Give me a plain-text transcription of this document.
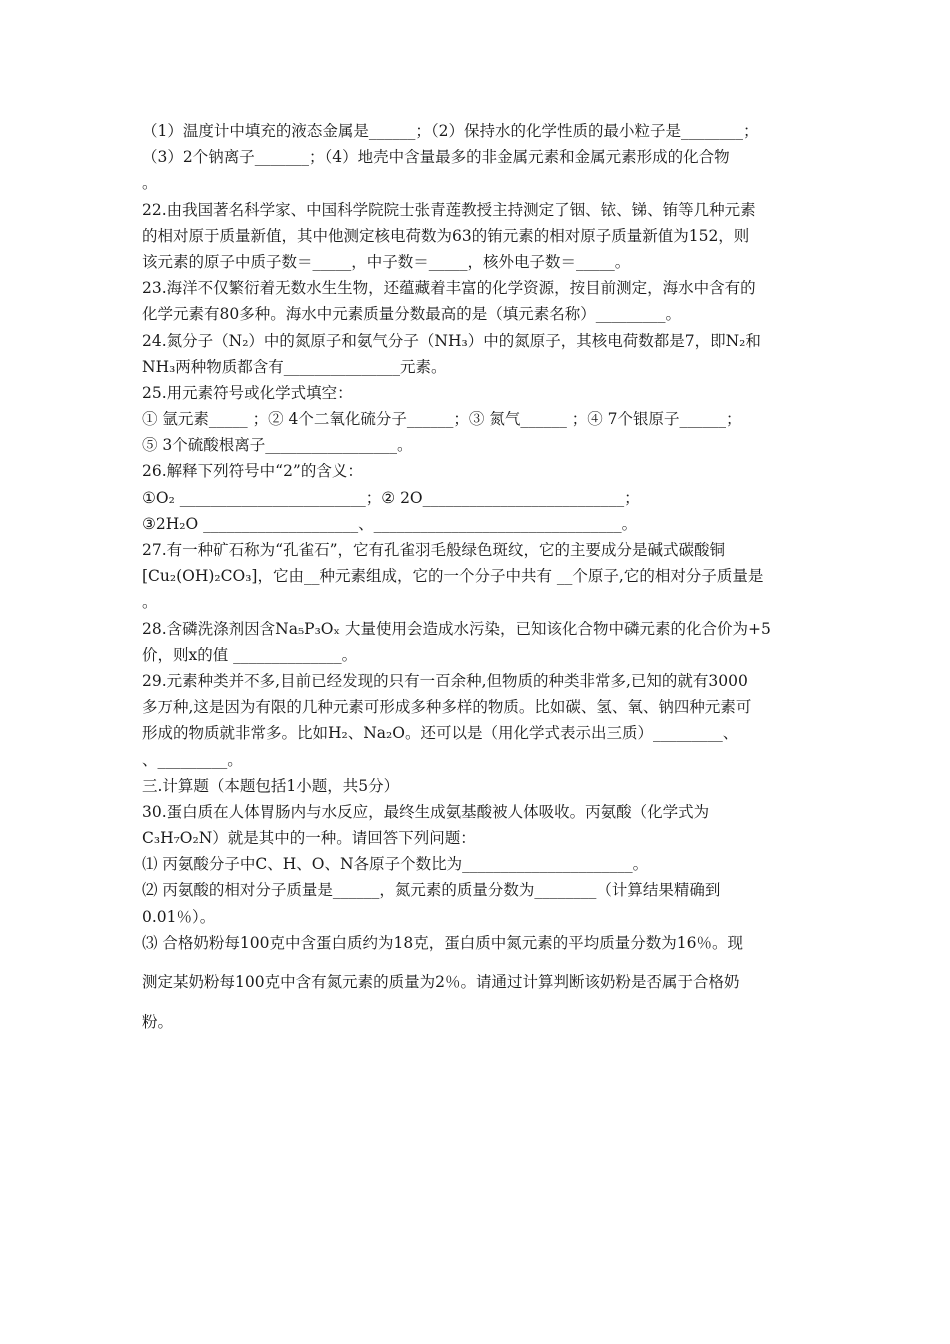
（1）温度计中填充的液态金属是______；（2）保持水的化学性质的最小粒子是________；
（3）2个钠离子_______；（4）地壳中含量最多的非金属元素和金属元素形成的化合物
。
22.由我国著名科学家、中国科学院院士张青莲教授主持测定了铟、铱、锑、铕等几种元素
的相对原于质量新值，其中他测定核电荷数为63的铕元素的相对原子质量新值为152，则
该元素的原子中质子数＝_____，中子数＝_____，核外电子数＝_____。
23.海洋不仅繁衍着无数水生生物，还蕴藏着丰富的化学资源，按目前测定，海水中含有的
化学元素有80多种。海水中元素质量分数最高的是（填元素名称）_________。
24.氮分子（N₂）中的氮原子和氨气分子（NH₃）中的氮原子，其核电荷数都是7，即N₂和
NH₃两种物质都含有_______________元素。
25.用元素符号或化学式填空：
① 氩元素_____ ；② 4个二氧化硫分子______；③ 氮气______ ；④ 7个银原子______；
⑤ 3个硫酸根离子_________________。
26.解释下列符号中“2”的含义：
①O₂ ________________________；② 2O__________________________；
③2H₂O ____________________、________________________________。
27.有一种矿石称为“孔雀石”，它有孔雀羽毛般绿色斑纹，它的主要成分是碱式碳酸铜
[Cu₂(OH)₂CO₃]，它由__种元素组成，它的一个分子中共有 __个原子,它的相对分子质量是
。
28.含磷洗涤剂因含Na₅P₃Oₓ 大量使用会造成水污染，已知该化合物中磷元素的化合价为+5
价，则x的值 ______________。
29.元素种类并不多,目前已经发现的只有一百余种,但物质的种类非常多,已知的就有3000
多万种,这是因为有限的几种元素可形成多种多样的物质。比如碳、氢、氧、钠四种元素可
形成的物质就非常多。比如H₂、Na₂O。还可以是（用化学式表示出三质）_________、
、_________。
三.计算题（本题包括1小题，共5分）
30.蛋白质在人体胃肠内与水反应，最终生成氨基酸被人体吸收。丙氨酸（化学式为
C₃H₇O₂N）就是其中的一种。请回答下列问题：
⑴ 丙氨酸分子中C、H、O、N各原子个数比为______________________。
⑵ 丙氨酸的相对分子质量是______，氮元素的质量分数为________（计算结果精确到
0.01％）。
⑶ 合格奶粉每100克中含蛋白质约为18克，蛋白质中氮元素的平均质量分数为16％。现
测定某奶粉每100克中含有氮元素的质量为2％。请通过计算判断该奶粉是否属于合格奶
粉。
